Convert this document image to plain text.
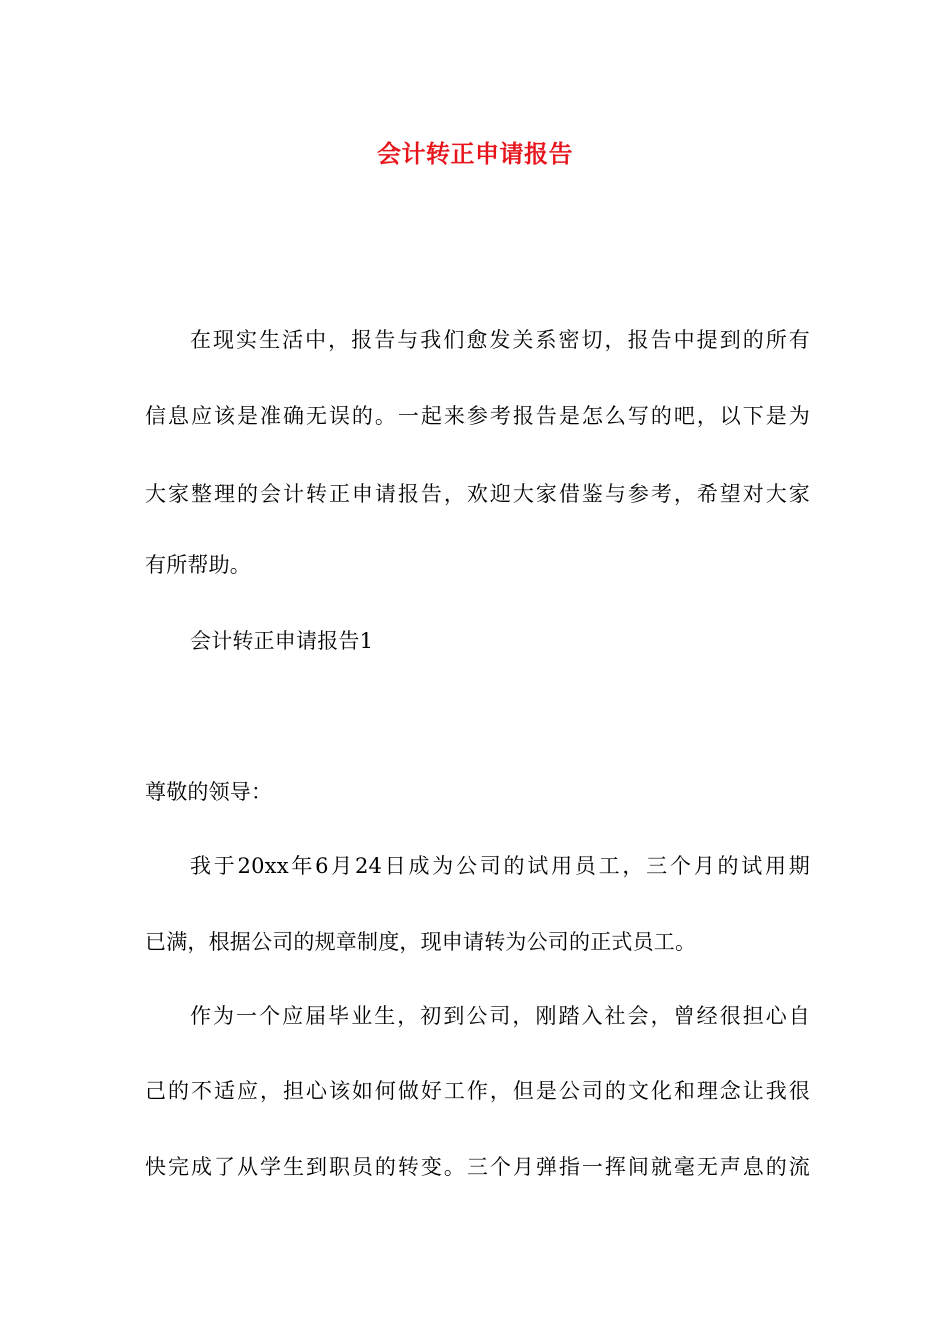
会计转正申请报告
在现实生活中，报告与我们愈发关系密切，报告中提到的所有
信息应该是准确无误的。一起来参考报告是怎么写的吧，以下是为
大家整理的会计转正申请报告，欢迎大家借鉴与参考，希望对大家
有所帮助。
会计转正申请报告1
尊敬的领导：
我于20xx年6月24日成为公司的试用员工，三个月的试用期
已满，根据公司的规章制度，现申请转为公司的正式员工。
作为一个应届毕业生，初到公司，刚踏入社会，曾经很担心自
己的不适应，担心该如何做好工作，但是公司的文化和理念让我很
快完成了从学生到职员的转变。三个月弹指一挥间就毫无声息的流
